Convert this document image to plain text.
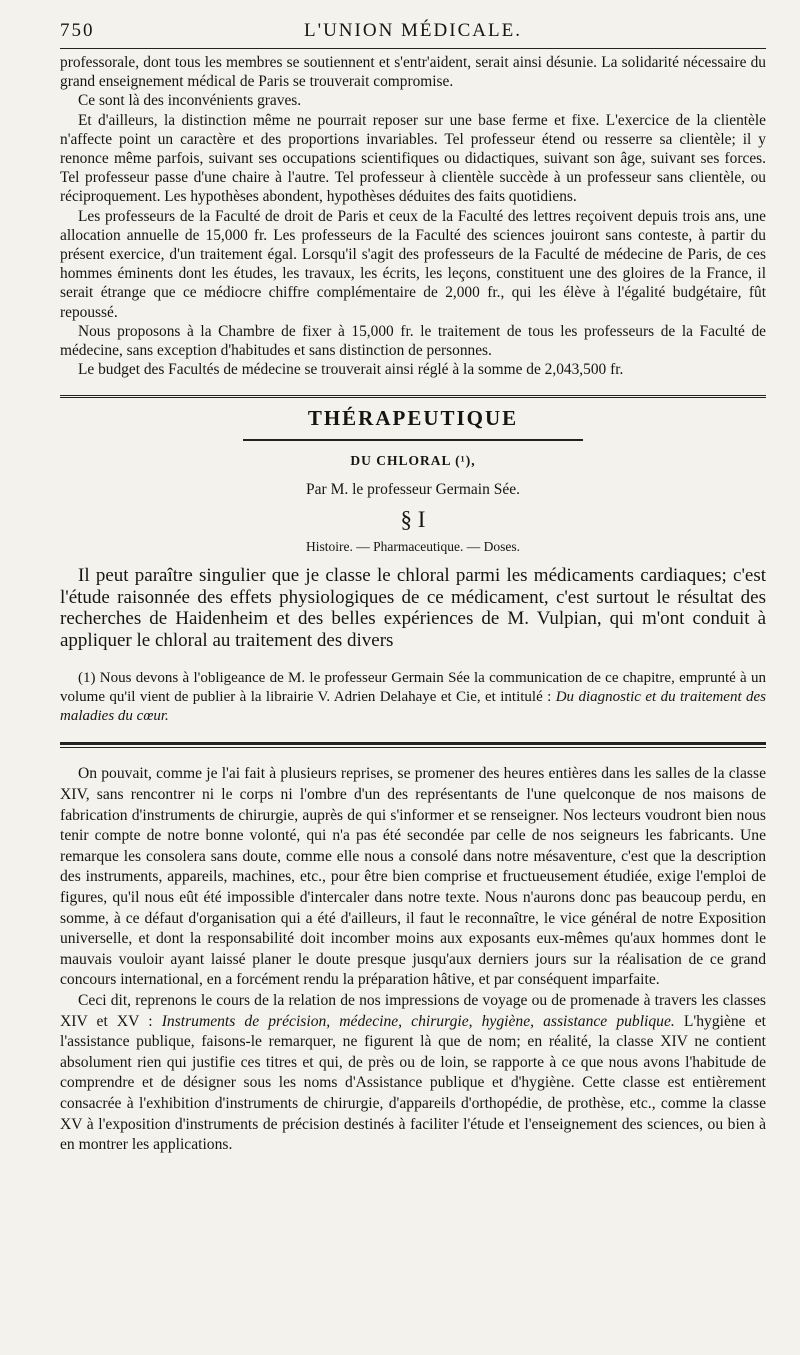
750	L'UNION MÉDICALE.

professorale, dont tous les membres se soutiennent et s'entr'aident, serait ainsi désunie. La solidarité nécessaire du grand enseignement médical de Paris se trouverait compromise.

Ce sont là des inconvénients graves.

Et d'ailleurs, la distinction même ne pourrait reposer sur une base ferme et fixe. L'exercice de la clientèle n'affecte point un caractère et des proportions invariables. Tel professeur étend ou resserre sa clientèle; il y renonce même parfois, suivant ses occupations scientifiques ou didactiques, suivant son âge, suivant ses forces. Tel professeur passe d'une chaire à l'autre. Tel professeur à clientèle succède à un professeur sans clientèle, ou réciproquement. Les hypothèses abondent, hypothèses déduites des faits quotidiens.

Les professeurs de la Faculté de droit de Paris et ceux de la Faculté des lettres reçoivent depuis trois ans, une allocation annuelle de 15,000 fr. Les professeurs de la Faculté des sciences jouiront sans conteste, à partir du présent exercice, d'un traitement égal. Lorsqu'il s'agit des professeurs de la Faculté de médecine de Paris, de ces hommes éminents dont les études, les travaux, les écrits, les leçons, constituent une des gloires de la France, il serait étrange que ce médiocre chiffre complémentaire de 2,000 fr., qui les élève à l'égalité budgétaire, fût repoussé.

Nous proposons à la Chambre de fixer à 15,000 fr. le traitement de tous les professeurs de la Faculté de médecine, sans exception d'habitudes et sans distinction de personnes.

Le budget des Facultés de médecine se trouverait ainsi réglé à la somme de 2,043,500 fr.

THÉRAPEUTIQUE
DU CHLORAL (¹),
Par M. le professeur Germain Sée.
§ I
Histoire. — Pharmaceutique. — Doses.

Il peut paraître singulier que je classe le chloral parmi les médicaments cardiaques; c'est l'étude raisonnée des effets physiologiques de ce médicament, c'est surtout le résultat des recherches de Haidenheim et des belles expériences de M. Vulpian, qui m'ont conduit à appliquer le chloral au traitement des divers

(1) Nous devons à l'obligeance de M. le professeur Germain Sée la communication de ce chapitre, emprunté à un volume qu'il vient de publier à la librairie V. Adrien Delahaye et Cie, et intitulé : Du diagnostic et du traitement des maladies du cœur.

On pouvait, comme je l'ai fait à plusieurs reprises, se promener des heures entières dans les salles de la classe XIV, sans rencontrer ni le corps ni l'ombre d'un des représentants de l'une quelconque de nos maisons de fabrication d'instruments de chirurgie, auprès de qui s'informer et se renseigner. Nos lecteurs voudront bien nous tenir compte de notre bonne volonté, qui n'a pas été secondée par celle de nos seigneurs les fabricants. Une remarque les consolera sans doute, comme elle nous a consolé dans notre mésaventure, c'est que la description des instruments, appareils, machines, etc., pour être bien comprise et fructueusement étudiée, exige l'emploi de figures, qu'il nous eût été impossible d'intercaler dans notre texte. Nous n'aurons donc pas beaucoup perdu, en somme, à ce défaut d'organisation qui a été d'ailleurs, il faut le reconnaître, le vice général de notre Exposition universelle, et dont la responsabilité doit incomber moins aux exposants eux-mêmes qu'aux hommes dont le mauvais vouloir ayant laissé planer le doute presque jusqu'aux derniers jours sur la réalisation de ce grand concours international, en a forcément rendu la préparation hâtive, et par conséquent imparfaite.

Ceci dit, reprenons le cours de la relation de nos impressions de voyage ou de promenade à travers les classes XIV et XV : Instruments de précision, médecine, chirurgie, hygiène, assistance publique. L'hygiène et l'assistance publique, faisons-le remarquer, ne figurent là que de nom; en réalité, la classe XIV ne contient absolument rien qui justifie ces titres et qui, de près ou de loin, se rapporte à ce que nous avons l'habitude de comprendre et de désigner sous les noms d'Assistance publique et d'hygiène. Cette classe est entièrement consacrée à l'exhibition d'instruments de chirurgie, d'appareils d'orthopédie, de prothèse, etc., comme la classe XV à l'exposition d'instruments de précision destinés à faciliter l'étude et l'enseignement des sciences, ou bien à en montrer les applications.
